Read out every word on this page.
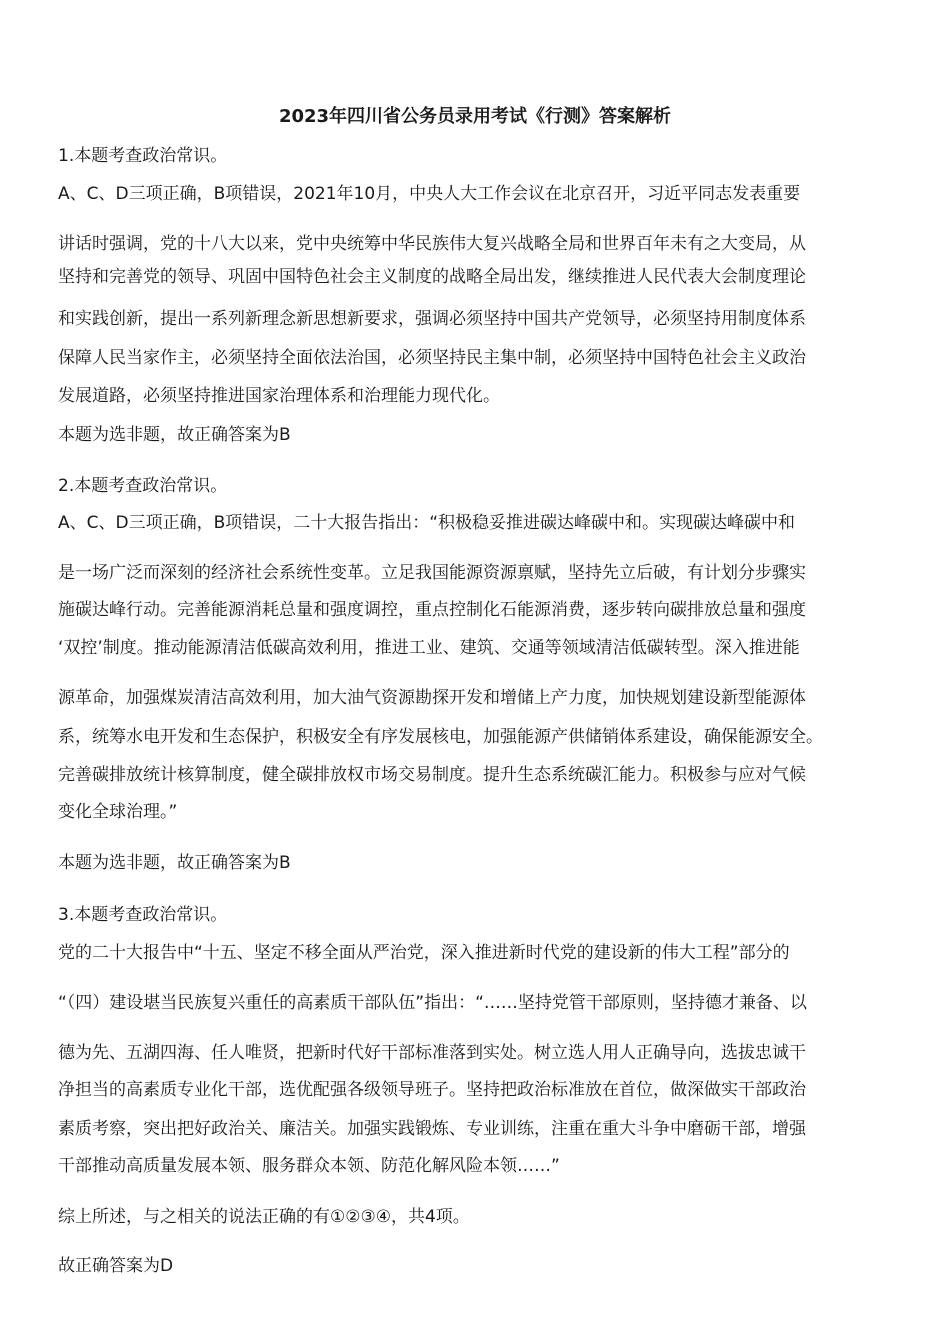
2023年四川省公务员录用考试《行测》答案解析
1.本题考查政治常识。
A、C、D三项正确，B项错误，2021年10月，中央人大工作会议在北京召开，习近平同志发表重要
讲话时强调，党的十八大以来，党中央统筹中华民族伟大复兴战略全局和世界百年未有之大变局，从
坚持和完善党的领导、巩固中国特色社会主义制度的战略全局出发，继续推进人民代表大会制度理论
和实践创新，提出一系列新理念新思想新要求，强调必须坚持中国共产党领导，必须坚持用制度体系
保障人民当家作主，必须坚持全面依法治国，必须坚持民主集中制，必须坚持中国特色社会主义政治
发展道路，必须坚持推进国家治理体系和治理能力现代化。
本题为选非题，故正确答案为B
2.本题考查政治常识。
A、C、D三项正确，B项错误，二十大报告指出：“积极稳妥推进碳达峰碳中和。实现碳达峰碳中和
是一场广泛而深刻的经济社会系统性变革。立足我国能源资源禀赋，坚持先立后破，有计划分步骤实
施碳达峰行动。完善能源消耗总量和强度调控，重点控制化石能源消费，逐步转向碳排放总量和强度
‘双控’制度。推动能源清洁低碳高效利用，推进工业、建筑、交通等领域清洁低碳转型。深入推进能
源革命，加强煤炭清洁高效利用，加大油气资源勘探开发和增储上产力度，加快规划建设新型能源体
系，统筹水电开发和生态保护，积极安全有序发展核电，加强能源产供储销体系建设，确保能源安全。
完善碳排放统计核算制度，健全碳排放权市场交易制度。提升生态系统碳汇能力。积极参与应对气候
变化全球治理。”
本题为选非题，故正确答案为B
3.本题考查政治常识。
党的二十大报告中“十五、坚定不移全面从严治党，深入推进新时代党的建设新的伟大工程”部分的
“（四）建设堪当民族复兴重任的高素质干部队伍”指出：“……坚持党管干部原则，坚持德才兼备、以
德为先、五湖四海、任人唯贤，把新时代好干部标准落到实处。树立选人用人正确导向，选拔忠诚干
净担当的高素质专业化干部，选优配强各级领导班子。坚持把政治标准放在首位，做深做实干部政治
素质考察，突出把好政治关、廉洁关。加强实践锻炼、专业训练，注重在重大斗争中磨砺干部，增强
干部推动高质量发展本领、服务群众本领、防范化解风险本领……”
综上所述，与之相关的说法正确的有①②③④，共4项。
故正确答案为D
